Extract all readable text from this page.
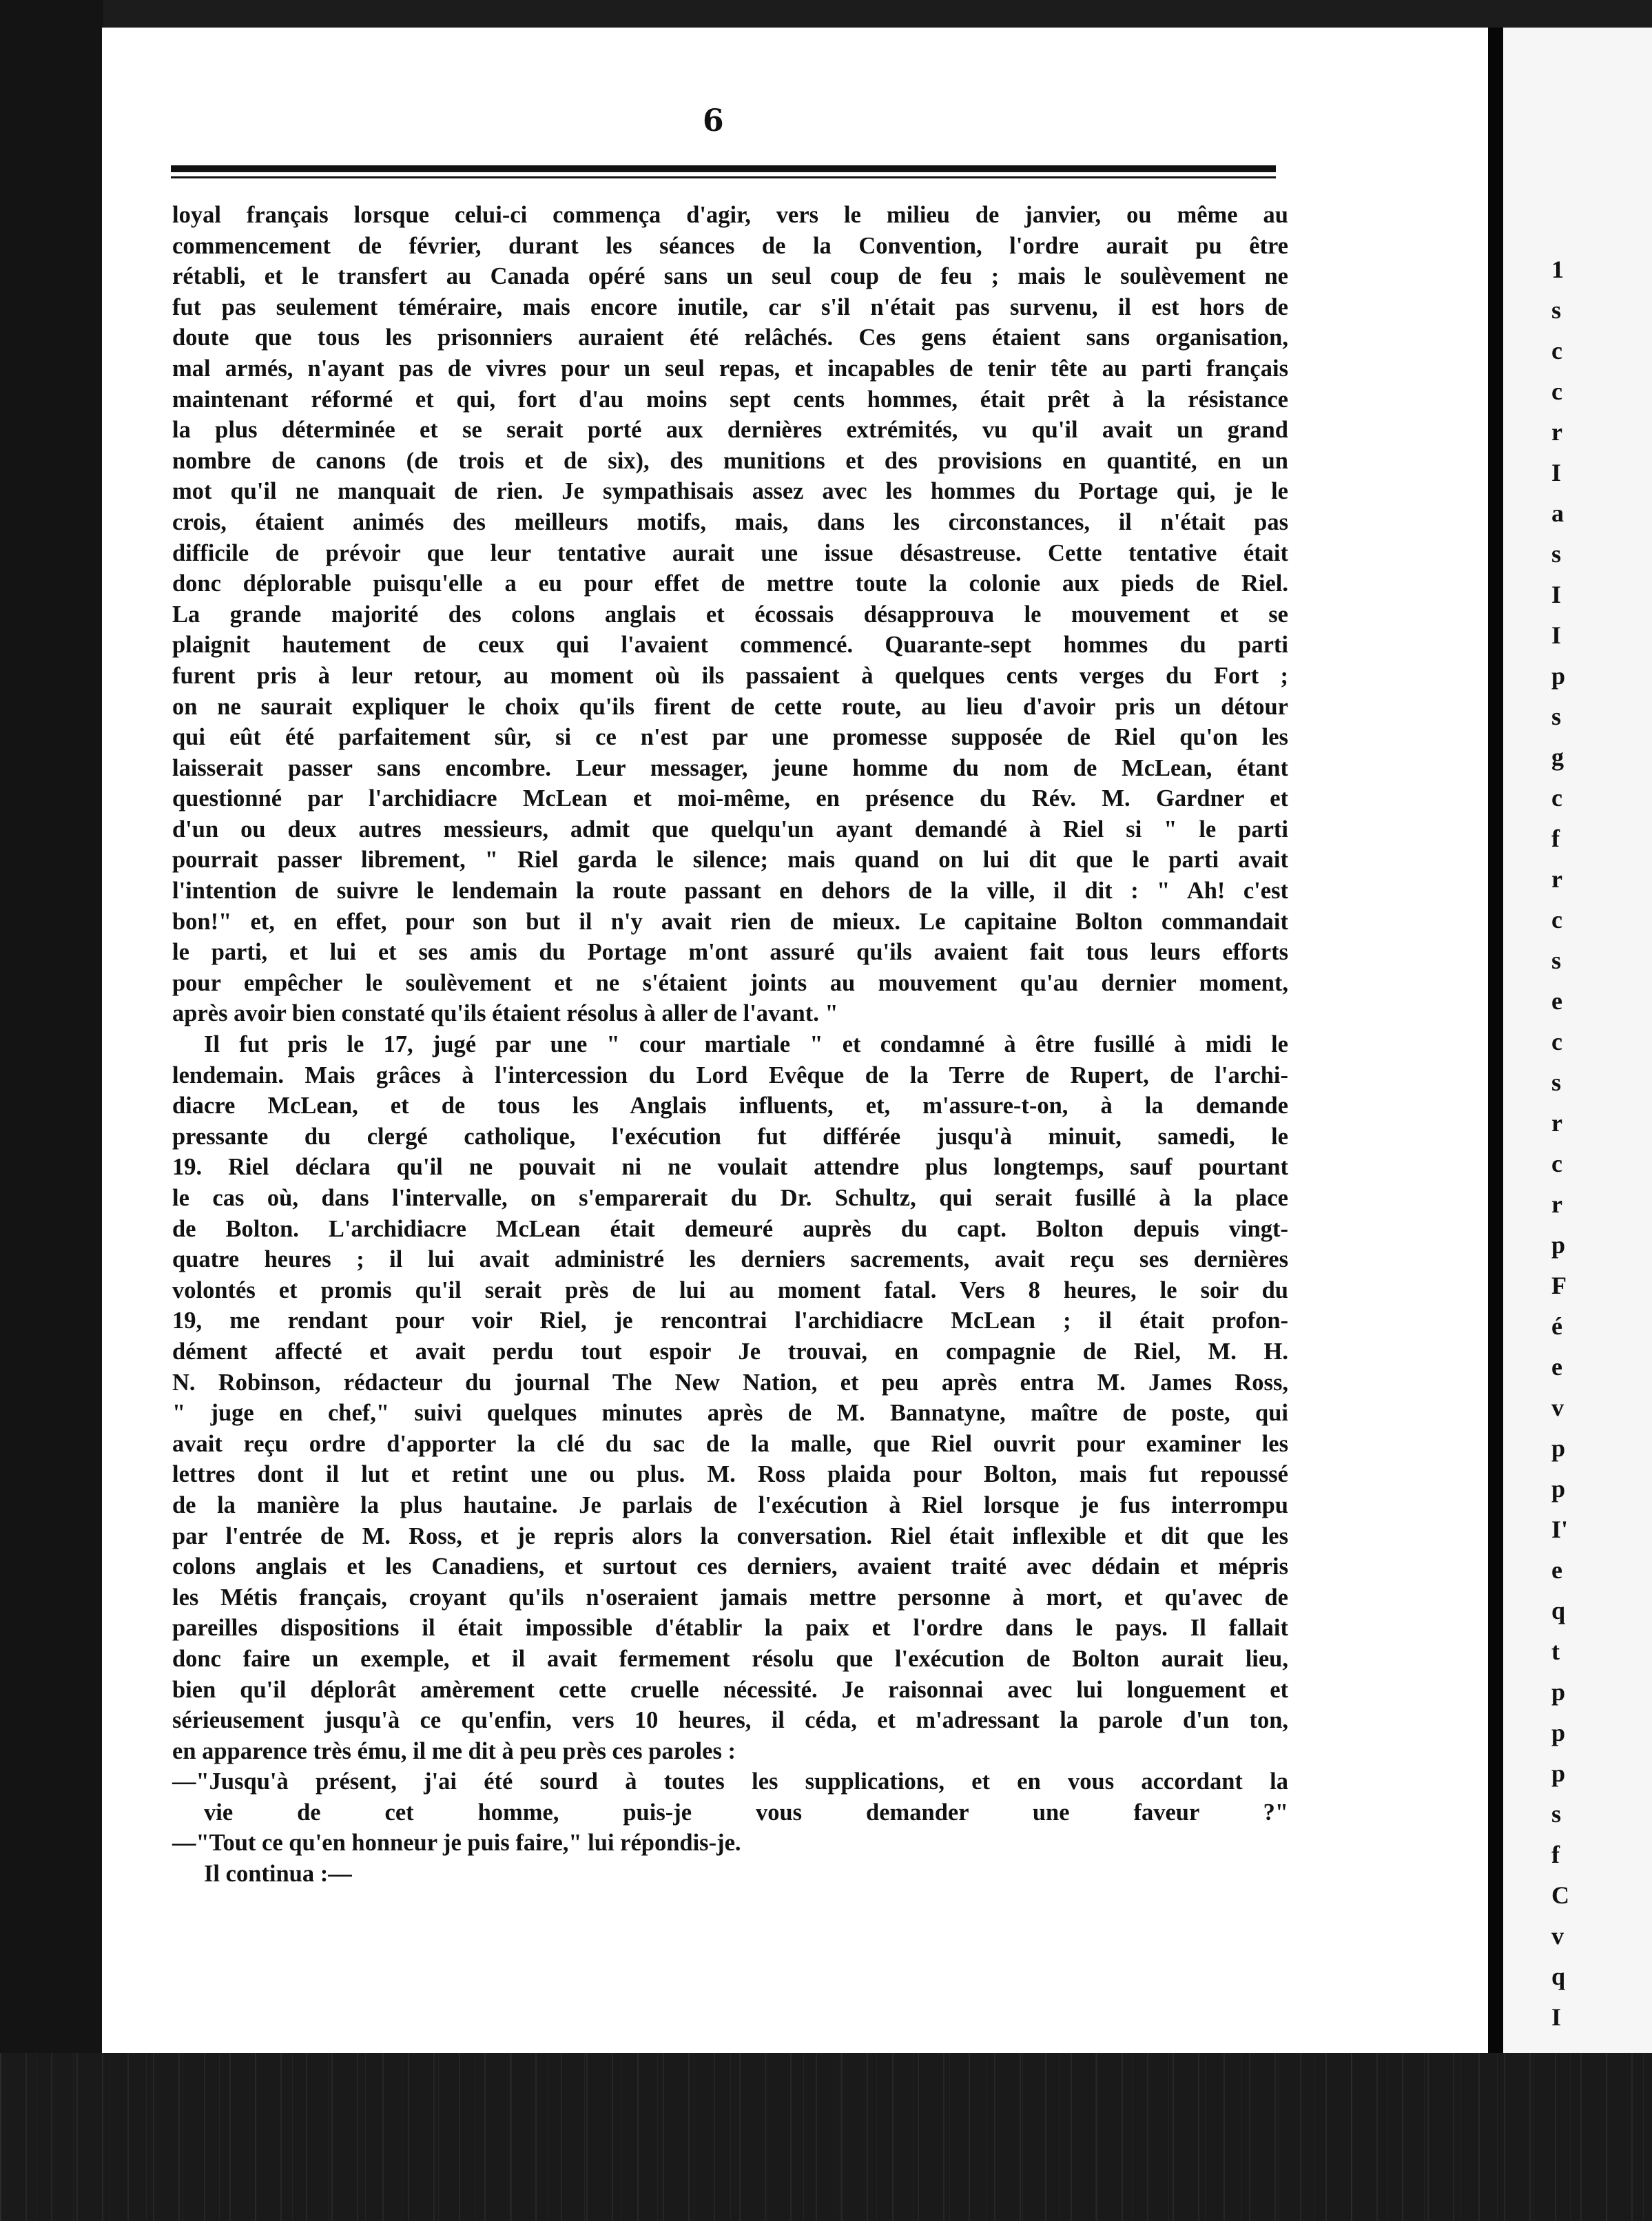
6
loyal français lorsque celui-ci commença d'agir, vers le milieu de janvier, ou même au
commencement de février, durant les séances de la Convention, l'ordre aurait pu être
rétabli, et le transfert au Canada opéré sans un seul coup de feu ; mais le soulèvement ne
fut pas seulement téméraire, mais encore inutile, car s'il n'était pas survenu, il est hors de
doute que tous les prisonniers auraient été relâchés. Ces gens étaient sans organisation,
mal armés, n'ayant pas de vivres pour un seul repas, et incapables de tenir tête au parti français
maintenant réformé et qui, fort d'au moins sept cents hommes, était prêt à la résistance
la plus déterminée et se serait porté aux dernières extrémités, vu qu'il avait un grand
nombre de canons (de trois et de six), des munitions et des provisions en quantité, en un
mot qu'il ne manquait de rien. Je sympathisais assez avec les hommes du Portage qui, je le
crois, étaient animés des meilleurs motifs, mais, dans les circonstances, il n'était pas
difficile de prévoir que leur tentative aurait une issue désastreuse. Cette tentative était
donc déplorable puisqu'elle a eu pour effet de mettre toute la colonie aux pieds de Riel.
La grande majorité des colons anglais et écossais désapprouva le mouvement et se
plaignit hautement de ceux qui l'avaient commencé. Quarante-sept hommes du parti
furent pris à leur retour, au moment où ils passaient à quelques cents verges du Fort ;
on ne saurait expliquer le choix qu'ils firent de cette route, au lieu d'avoir pris un détour
qui eût été parfaitement sûr, si ce n'est par une promesse supposée de Riel qu'on les
laisserait passer sans encombre. Leur messager, jeune homme du nom de McLean, étant
questionné par l'archidiacre McLean et moi-même, en présence du Rév. M. Gardner et
d'un ou deux autres messieurs, admit que quelqu'un ayant demandé à Riel si " le parti
pourrait passer librement, " Riel garda le silence; mais quand on lui dit que le parti avait
l'intention de suivre le lendemain la route passant en dehors de la ville, il dit : " Ah! c'est
bon!" et, en effet, pour son but il n'y avait rien de mieux. Le capitaine Bolton commandait
le parti, et lui et ses amis du Portage m'ont assuré qu'ils avaient fait tous leurs efforts
pour empêcher le soulèvement et ne s'étaient joints au mouvement qu'au dernier moment,
après avoir bien constaté qu'ils étaient résolus à aller de l'avant. "
Il fut pris le 17, jugé par une " cour martiale " et condamné à être fusillé à midi le
lendemain. Mais grâces à l'intercession du Lord Evêque de la Terre de Rupert, de l'archi-
diacre McLean, et de tous les Anglais influents, et, m'assure-t-on, à la demande
pressante du clergé catholique, l'exécution fut différée jusqu'à minuit, samedi, le
19. Riel déclara qu'il ne pouvait ni ne voulait attendre plus longtemps, sauf pourtant
le cas où, dans l'intervalle, on s'emparerait du Dr. Schultz, qui serait fusillé à la place
de Bolton. L'archidiacre McLean était demeuré auprès du capt. Bolton depuis vingt-
quatre heures ; il lui avait administré les derniers sacrements, avait reçu ses dernières
volontés et promis qu'il serait près de lui au moment fatal. Vers 8 heures, le soir du
19, me rendant pour voir Riel, je rencontrai l'archidiacre McLean ; il était profon-
dément affecté et avait perdu tout espoir Je trouvai, en compagnie de Riel, M. H.
N. Robinson, rédacteur du journal The New Nation, et peu après entra M. James Ross,
" juge en chef," suivi quelques minutes après de M. Bannatyne, maître de poste, qui
avait reçu ordre d'apporter la clé du sac de la malle, que Riel ouvrit pour examiner les
lettres dont il lut et retint une ou plus. M. Ross plaida pour Bolton, mais fut repoussé
de la manière la plus hautaine. Je parlais de l'exécution à Riel lorsque je fus interrompu
par l'entrée de M. Ross, et je repris alors la conversation. Riel était inflexible et dit que les
colons anglais et les Canadiens, et surtout ces derniers, avaient traité avec dédain et mépris
les Métis français, croyant qu'ils n'oseraient jamais mettre personne à mort, et qu'avec de
pareilles dispositions il était impossible d'établir la paix et l'ordre dans le pays. Il fallait
donc faire un exemple, et il avait fermement résolu que l'exécution de Bolton aurait lieu,
bien qu'il déplorât amèrement cette cruelle nécessité. Je raisonnai avec lui longuement et
sérieusement jusqu'à ce qu'enfin, vers 10 heures, il céda, et m'adressant la parole d'un ton,
en apparence très ému, il me dit à peu près ces paroles :
—"Jusqu'à présent, j'ai été sourd à toutes les supplications, et en vous accordant la
vie de cet homme, puis-je vous demander une faveur ?"
—"Tout ce qu'en honneur je puis faire," lui répondis-je.
Il continua :—
1
s
c
c
r
I
a
s
I
I
p
s
g
c
f
r
c
s
e
c
s
r
c
r
p
F
é
e
v
p
p
I'
e
q
t
p
p
p
s
f
C
v
q
I
